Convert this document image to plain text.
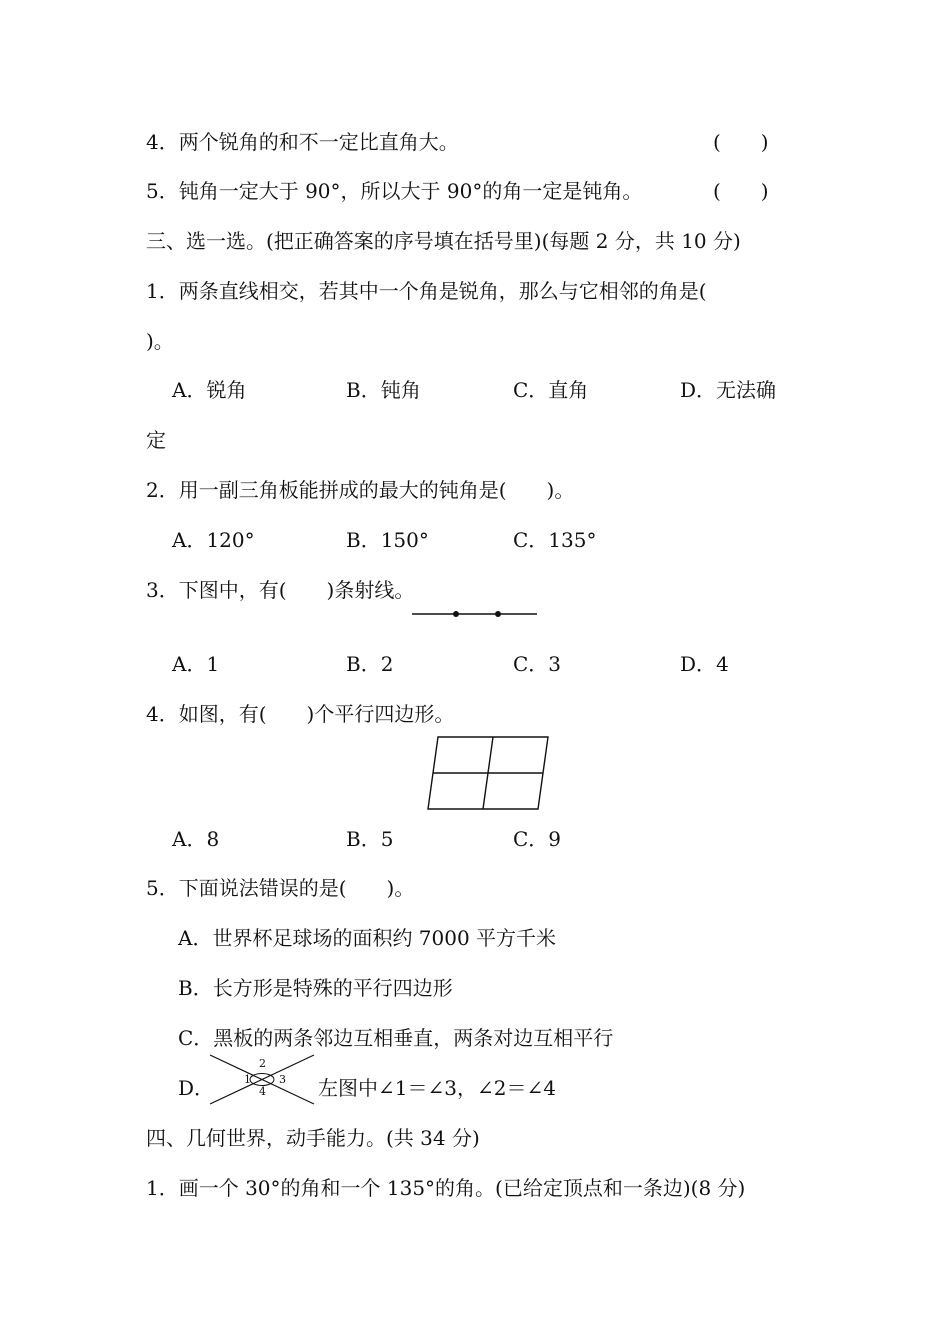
4．两个锐角的和不一定比直角大。	(　　)
5．钝角一定大于 90°，所以大于 90°的角一定是钝角。	(　　)
三、选一选。(把正确答案的序号填在括号里)(每题 2 分，共 10 分)
1．两条直线相交，若其中一个角是锐角，那么与它相邻的角是(
)。
A．锐角	B．钝角	C．直角	D．无法确
定
2．用一副三角板能拼成的最大的钝角是(　　)。
A．120°	B．150°	C．135°
3．下图中，有(　　)条射线。
A．1	B．2	C．3	D．4
4．如图，有(　　)个平行四边形。
A．8	B．5	C．9
5．下面说法错误的是(　　)。
A．世界杯足球场的面积约 7000 平方千米
B．长方形是特殊的平行四边形
C．黑板的两条邻边互相垂直，两条对边互相平行
D．	1
2
3
4	左图中∠1＝∠3，∠2＝∠4
四、几何世界，动手能力。(共 34 分)
1．画一个 30°的角和一个 135°的角。(已给定顶点和一条边)(8 分)
